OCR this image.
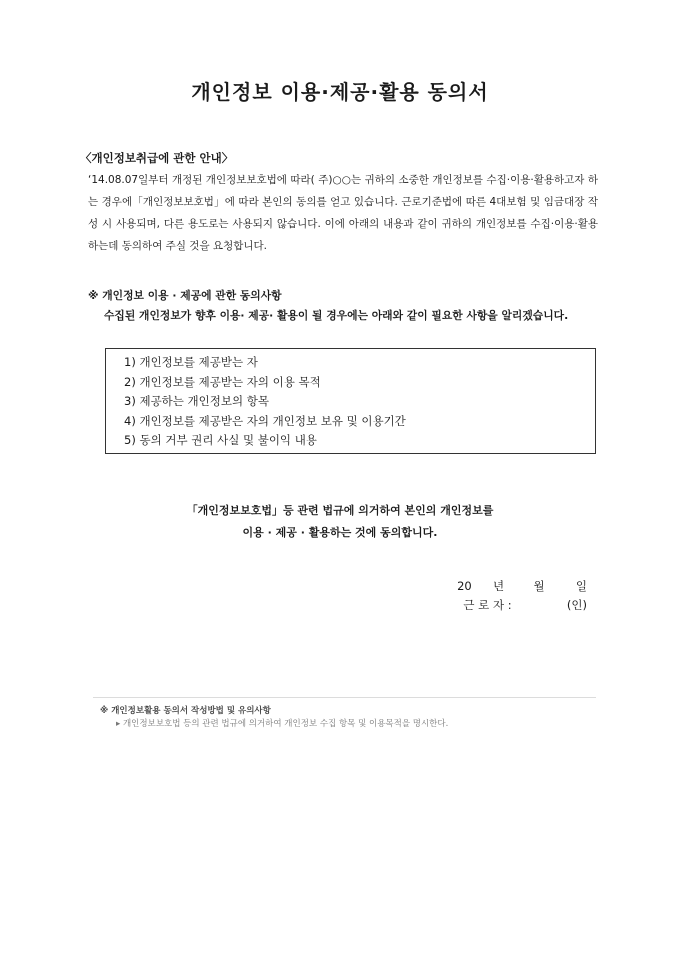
개인정보 이용·제공·활용 동의서
〈개인정보취급에 관한 안내〉
‘14.08.07일부터 개정된 개인정보보호법에 따라( 주)○○는 귀하의 소중한 개인정보를 수집·이용·활용하고자 하는 경우에「개인정보보호법」에 따라 본인의 동의를 얻고 있습니다. 근로기준법에 따른 4대보험 및 임금대장 작성 시 사용되며, 다른 용도로는 사용되지 않습니다. 이에 아래의 내용과 같이 귀하의 개인정보를 수집·이용·활용하는데 동의하여 주실 것을 요청합니다.
※ 개인정보 이용 · 제공에 관한 동의사항
수집된 개인정보가 향후 이용· 제공· 활용이 될 경우에는 아래와 같이 필요한 사항을 알리겠습니다.
1) 개인정보를 제공받는 자
2) 개인정보를 제공받는 자의 이용 목적
3) 제공하는 개인정보의 항목
4) 개인정보를 제공받은 자의 개인정보 보유 및 이용기간
5) 동의 거부 권리 사실 및 불이익 내용
「개인정보보호법」등 관련 법규에 의거하여 본인의 개인정보를
이용 · 제공 · 활용하는 것에 동의합니다.
20 년	월	일
근 로 자 :	(인)
※ 개인정보활용 동의서 작성방법 및 유의사항
▸ 개인정보보호법 등의 관련 법규에 의거하여 개인정보 수집 항목 및 이용목적을 명시한다.
